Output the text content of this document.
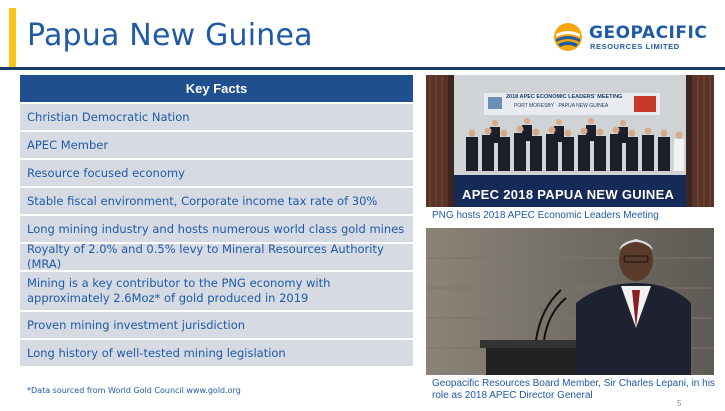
Papua New Guinea	GEOPACIFIC
RESOURCES LIMITED
Key Facts
Christian Democratic Nation
APEC Member
Resource focused economy
Stable fiscal environment, Corporate income tax rate of 30%
Long mining industry and hosts numerous world class gold mines
Royalty of 2.0% and 0.5% levy to Mineral Resources Authority (MRA)
Mining is a key contributor to the PNG economy with approximately 2.6Moz* of gold produced in 2019
Proven mining investment jurisdiction
Long history of well-tested mining legislation
*Data sourced from World Gold Council www.gold.org
2018 APEC ECONOMIC LEADERS' MEETING
PORT MORESBY · PAPUA NEW GUINEA
APEC 2018 PAPUA NEW GUINEA
PNG hosts 2018 APEC Economic Leaders Meeting
Geopacific Resources Board Member, Sir Charles Lepani, in his role as 2018 APEC Director General
5
